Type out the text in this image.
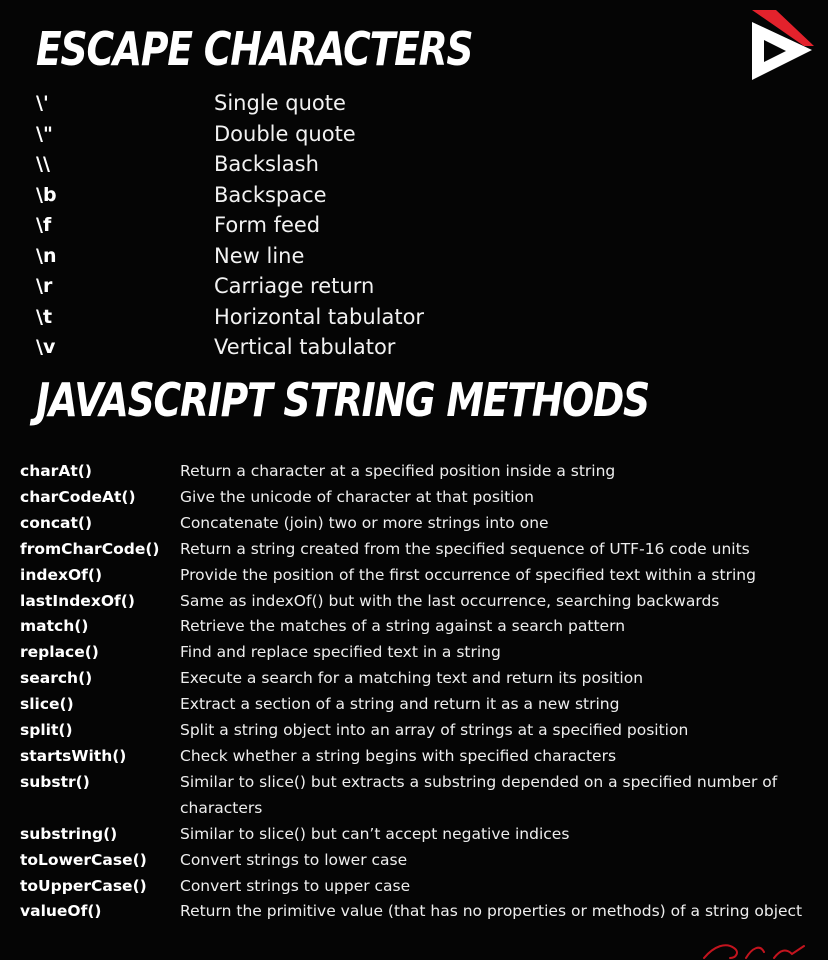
ESCAPE CHARACTERS
\'	Single quote
\"	Double quote
\\	Backslash
\b	Backspace
\f	Form feed
\n	New line
\r	Carriage return
\t	Horizontal tabulator
\v	Vertical tabulator
JAVASCRIPT STRING METHODS
charAt()	Return a character at a specified position inside a string
charCodeAt()	Give the unicode of character at that position
concat()	Concatenate (join) two or more strings into one
fromCharCode()	Return a string created from the specified sequence of UTF-16 code units
indexOf()	Provide the position of the first occurrence of specified text within a string
lastIndexOf()	Same as indexOf() but with the last occurrence, searching backwards
match()	Retrieve the matches of a string against a search pattern
replace()	Find and replace specified text in a string
search()	Execute a search for a matching text and return its position
slice()	Extract a section of a string and return it as a new string
split()	Split a string object into an array of strings at a specified position
startsWith()	Check whether a string begins with specified characters
substr()	Similar to slice() but extracts a substring depended on a specified number of characters
substring()	Similar to slice() but can’t accept negative indices
toLowerCase()	Convert strings to lower case
toUpperCase()	Convert strings to upper case
valueOf()	Return the primitive value (that has no properties or methods) of a string object
